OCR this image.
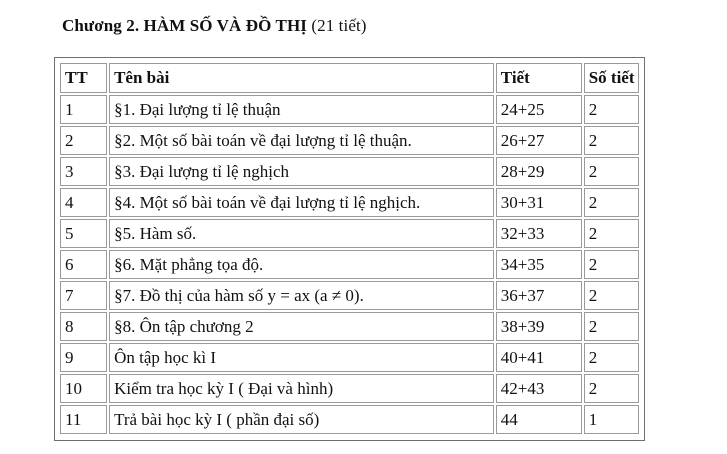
Chương 2. HÀM SỐ VÀ ĐỒ THỊ (21 tiết)
TT	Tên bài	Tiết	Số tiết
1	§1. Đại lượng tỉ lệ thuận	24+25	2
2	§2. Một số bài toán về đại lượng tỉ lệ thuận.	26+27	2
3	§3. Đại lượng tỉ lệ nghịch	28+29	2
4	§4. Một số bài toán về đại lượng tỉ lệ nghịch.	30+31	2
5	§5. Hàm số.	32+33	2
6	§6. Mặt phẳng tọa độ.	34+35	2
7	§7. Đồ thị của hàm số y = ax (a ≠ 0).	36+37	2
8	§8. Ôn tập chương 2	38+39	2
9	Ôn tập học kì I	40+41	2
10	Kiểm tra học kỳ I ( Đại và hình)	42+43	2
11	Trả bài học kỳ I ( phần đại số)	44	1
